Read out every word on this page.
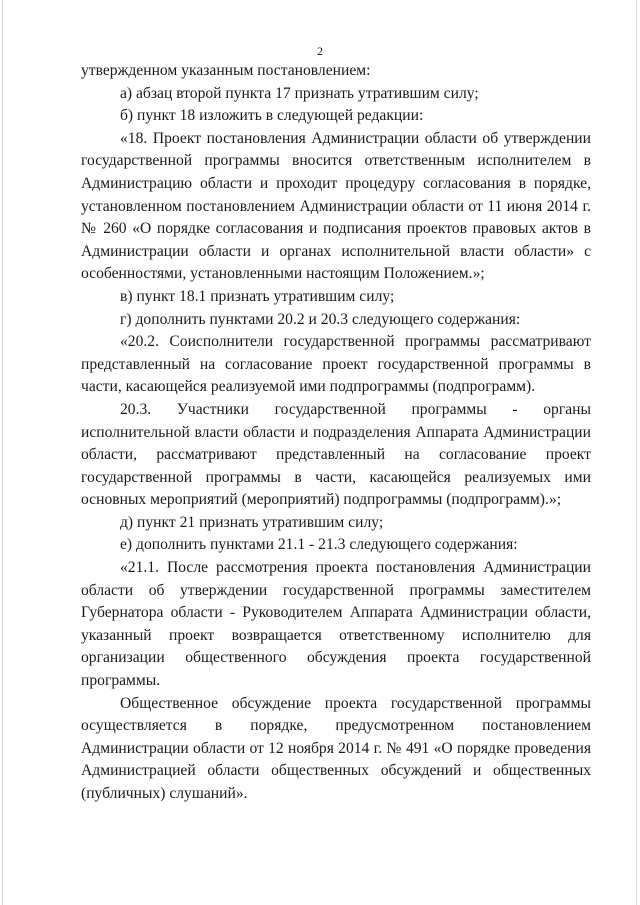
2

утвержденном указанным постановлением:

а) абзац второй пункта 17 признать утратившим силу;

б) пункт 18 изложить в следующей редакции:

«18. Проект постановления Администрации области об утверждении государственной программы вносится ответственным исполнителем в Администрацию области и проходит процедуру согласования в порядке, установленном постановлением Администрации области от 11 июня 2014 г. № 260 «О порядке согласования и подписания проектов правовых актов в Администрации области и органах исполнительной власти области» с особенностями, установленными настоящим Положением.»;

в) пункт 18.1 признать утратившим силу;

г) дополнить пунктами 20.2 и 20.3 следующего содержания:

«20.2. Соисполнители государственной программы рассматривают представленный на согласование проект государственной программы в части, касающейся реализуемой ими подпрограммы (подпрограмм).

20.3. Участники государственной программы - органы исполнительной власти области и подразделения Аппарата Администрации области, рассматривают представленный на согласование проект государственной программы в части, касающейся реализуемых ими основных мероприятий (мероприятий) подпрограммы (подпрограмм).»;

д) пункт 21 признать утратившим силу;

е) дополнить пунктами 21.1 - 21.3 следующего содержания:

«21.1. После рассмотрения проекта постановления Администрации области об утверждении государственной программы заместителем Губернатора области - Руководителем Аппарата Администрации области, указанный проект возвращается ответственному исполнителю для организации общественного обсуждения проекта государственной программы.

Общественное обсуждение проекта государственной программы осуществляется в порядке, предусмотренном постановлением Администрации области от 12 ноября 2014 г. № 491 «О порядке проведения Администрацией области общественных обсуждений и общественных (публичных) слушаний».
